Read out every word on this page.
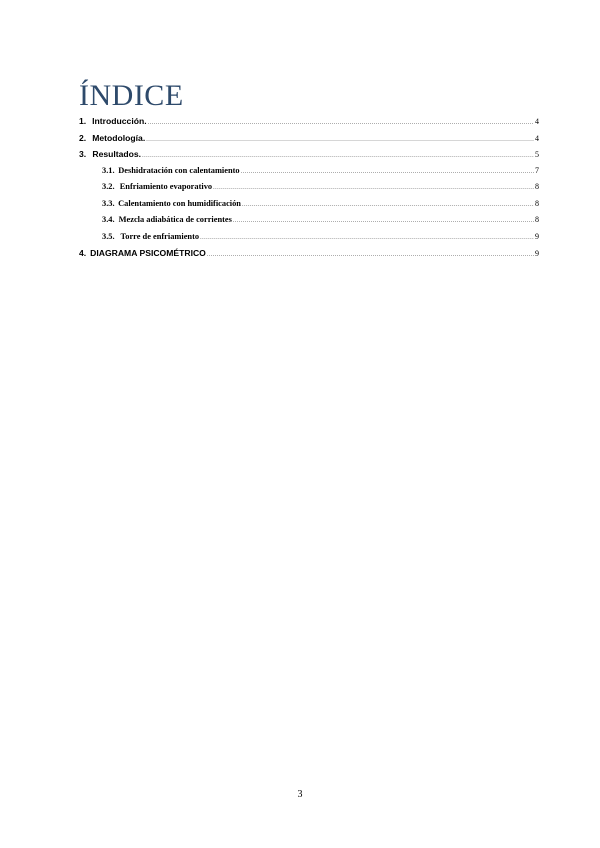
ÍNDICE
1. Introducción. .....	4
2. Metodología. .....	4
3. Resultados. .....	5
3.1. Deshidratación con calentamiento .....	7
3.2. Enfriamiento evaporativo .....	8
3.3. Calentamiento con humidificación .....	8
3.4. Mezcla adiabática de corrientes .....	8
3.5. Torre de enfriamiento .....	9
4. DIAGRAMA PSICOMÉTRICO .....	9
3
